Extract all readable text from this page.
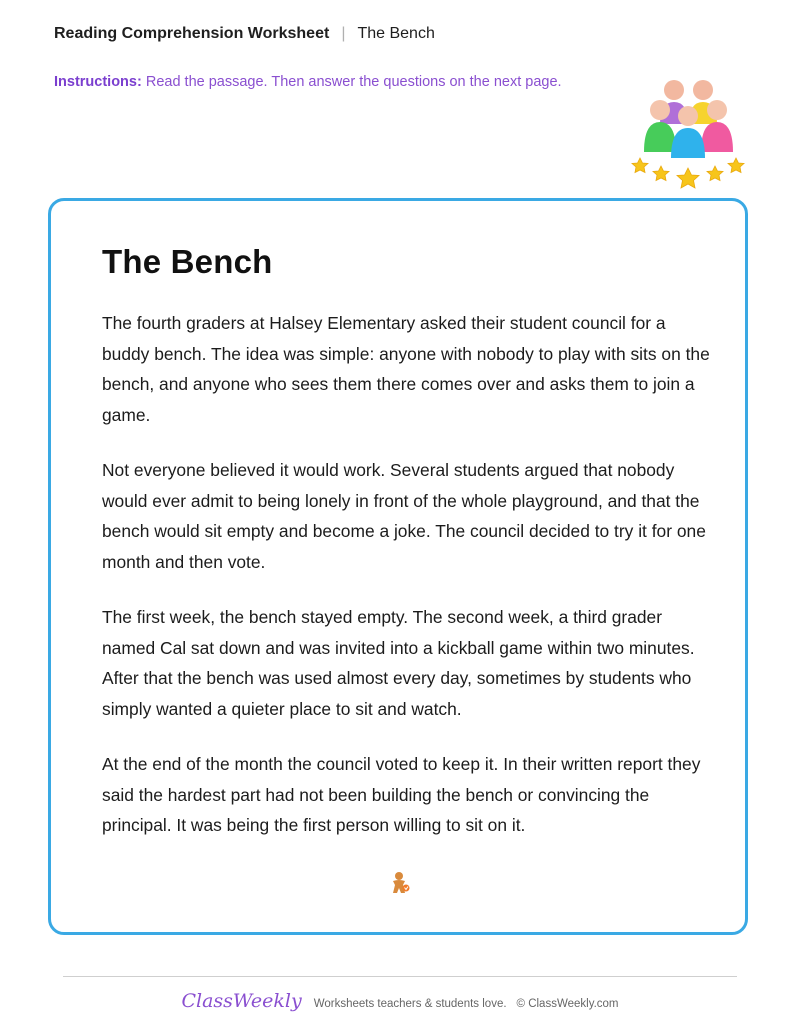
Reading Comprehension Worksheet | The Bench
Instructions: Read the passage. Then answer the questions on the next page.
The Bench

The fourth graders at Halsey Elementary asked their student council for a buddy bench. The idea was simple: anyone with nobody to play with sits on the bench, and anyone who sees them there comes over and asks them to join a game.

Not everyone believed it would work. Several students argued that nobody would ever admit to being lonely in front of the whole playground, and that the bench would sit empty and become a joke. The council decided to try it for one month and then vote.

The first week, the bench stayed empty. The second week, a third grader named Cal sat down and was invited into a kickball game within two minutes. After that the bench was used almost every day, sometimes by students who simply wanted a quieter place to sit and watch.

At the end of the month the council voted to keep it. In their written report they said the hardest part had not been building the bench or convincing the principal. It was being the first person willing to sit on it.

ClassWeekly Worksheets teachers & students love. © ClassWeekly.com
